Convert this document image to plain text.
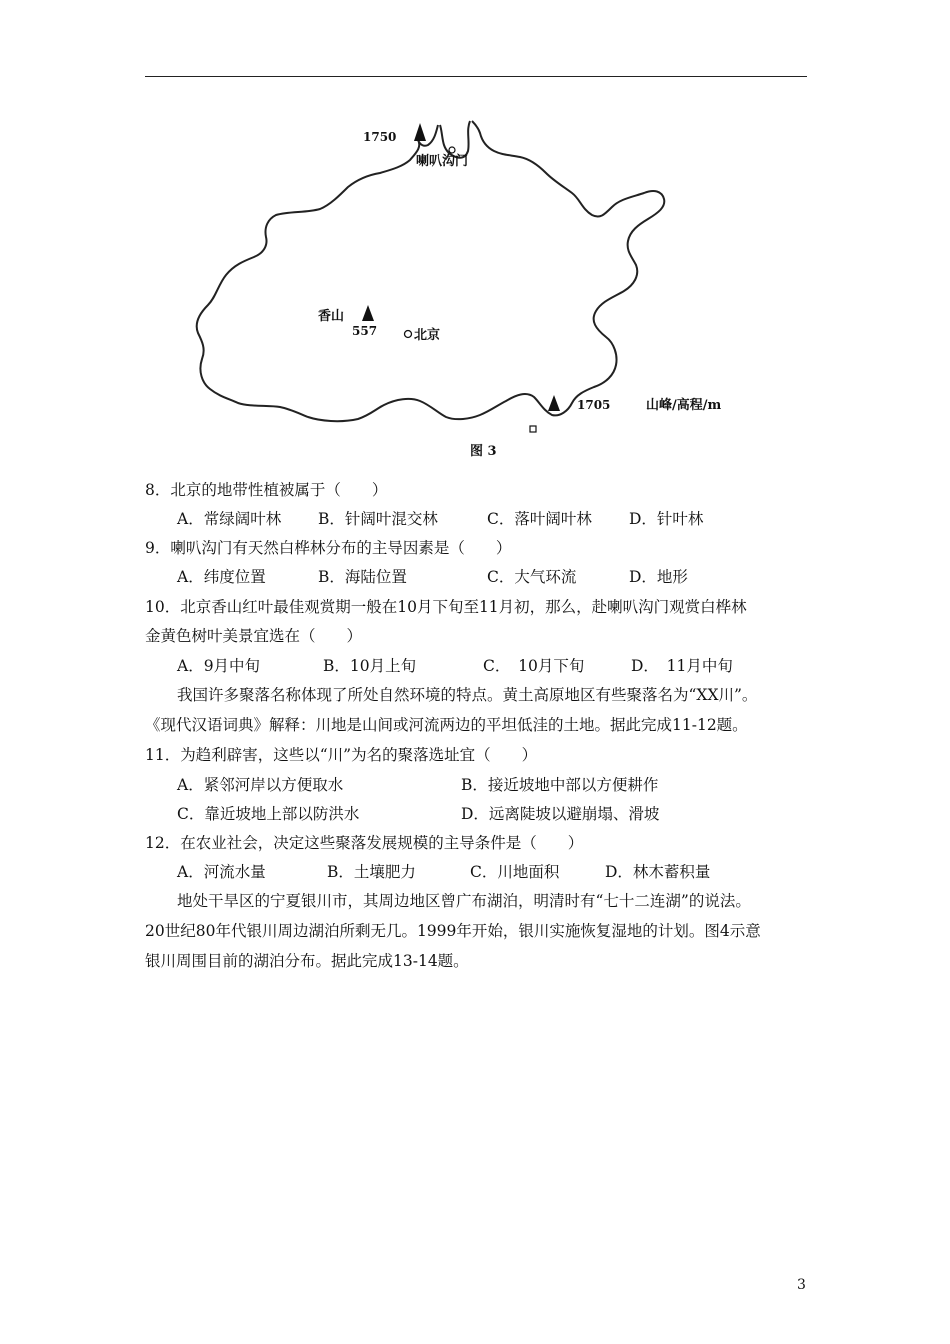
1750
喇叭沟门
香山
557	北京
1705	山峰/高程/m
图 3
8．北京的地带性植被属于（　　）
A．常绿阔叶林 B．针阔叶混交林	C．落叶阔叶林 D．针叶林
9．喇叭沟门有天然白桦林分布的主导因素是（　　）
A．纬度位置	B．海陆位置	C．大气环流	D．地形
10．北京香山红叶最佳观赏期一般在10月下旬至11月初，那么，赴喇叭沟门观赏白桦林
金黄色树叶美景宜选在（　　）
A．9月中旬	B．10月上旬	C．　10月下旬	D．　11月中旬
我国许多聚落名称体现了所处自然环境的特点。黄土高原地区有些聚落名为“XX川”。
《现代汉语词典》解释：川地是山间或河流两边的平坦低洼的土地。据此完成11-12题。
11．为趋利辟害，这些以“川”为名的聚落选址宜（　　）
A．紧邻河岸以方便取水	B．接近坡地中部以方便耕作
C．靠近坡地上部以防洪水	D．远离陡坡以避崩塌、滑坡
12．在农业社会，决定这些聚落发展规模的主导条件是（　　）
A．河流水量	B．土壤肥力	C．川地面积	D．林木蓄积量
地处干旱区的宁夏银川市，其周边地区曾广布湖泊，明清时有“七十二连湖”的说法。
20世纪80年代银川周边湖泊所剩无几。1999年开始，银川实施恢复湿地的计划。图4示意
银川周围目前的湖泊分布。据此完成13-14题。
3
